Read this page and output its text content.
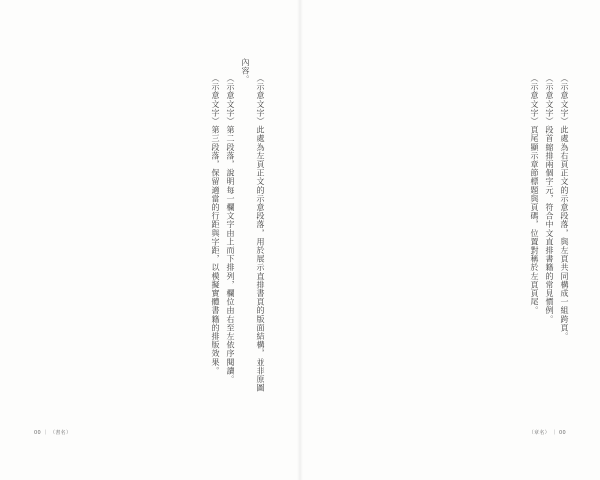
（示意文字）此處為左頁正文的示意段落，用於展示直排書頁的版面結構，並非原圖內容。

（示意文字）第二段落，說明每一欄文字由上而下排列，欄位由右至左依序閱讀。

（示意文字）第三段落，保留適當的行距與字距，以模擬實體書籍的排版效果。

00 ｜ （書名）

（示意文字）此處為右頁正文的示意段落，與左頁共同構成一組跨頁。

（示意文字）段首縮排兩個字元，符合中文直排書籍的常見慣例。

（示意文字）頁尾顯示章節標題與頁碼，位置對稱於左頁頁尾。

（章名） ｜ 00
